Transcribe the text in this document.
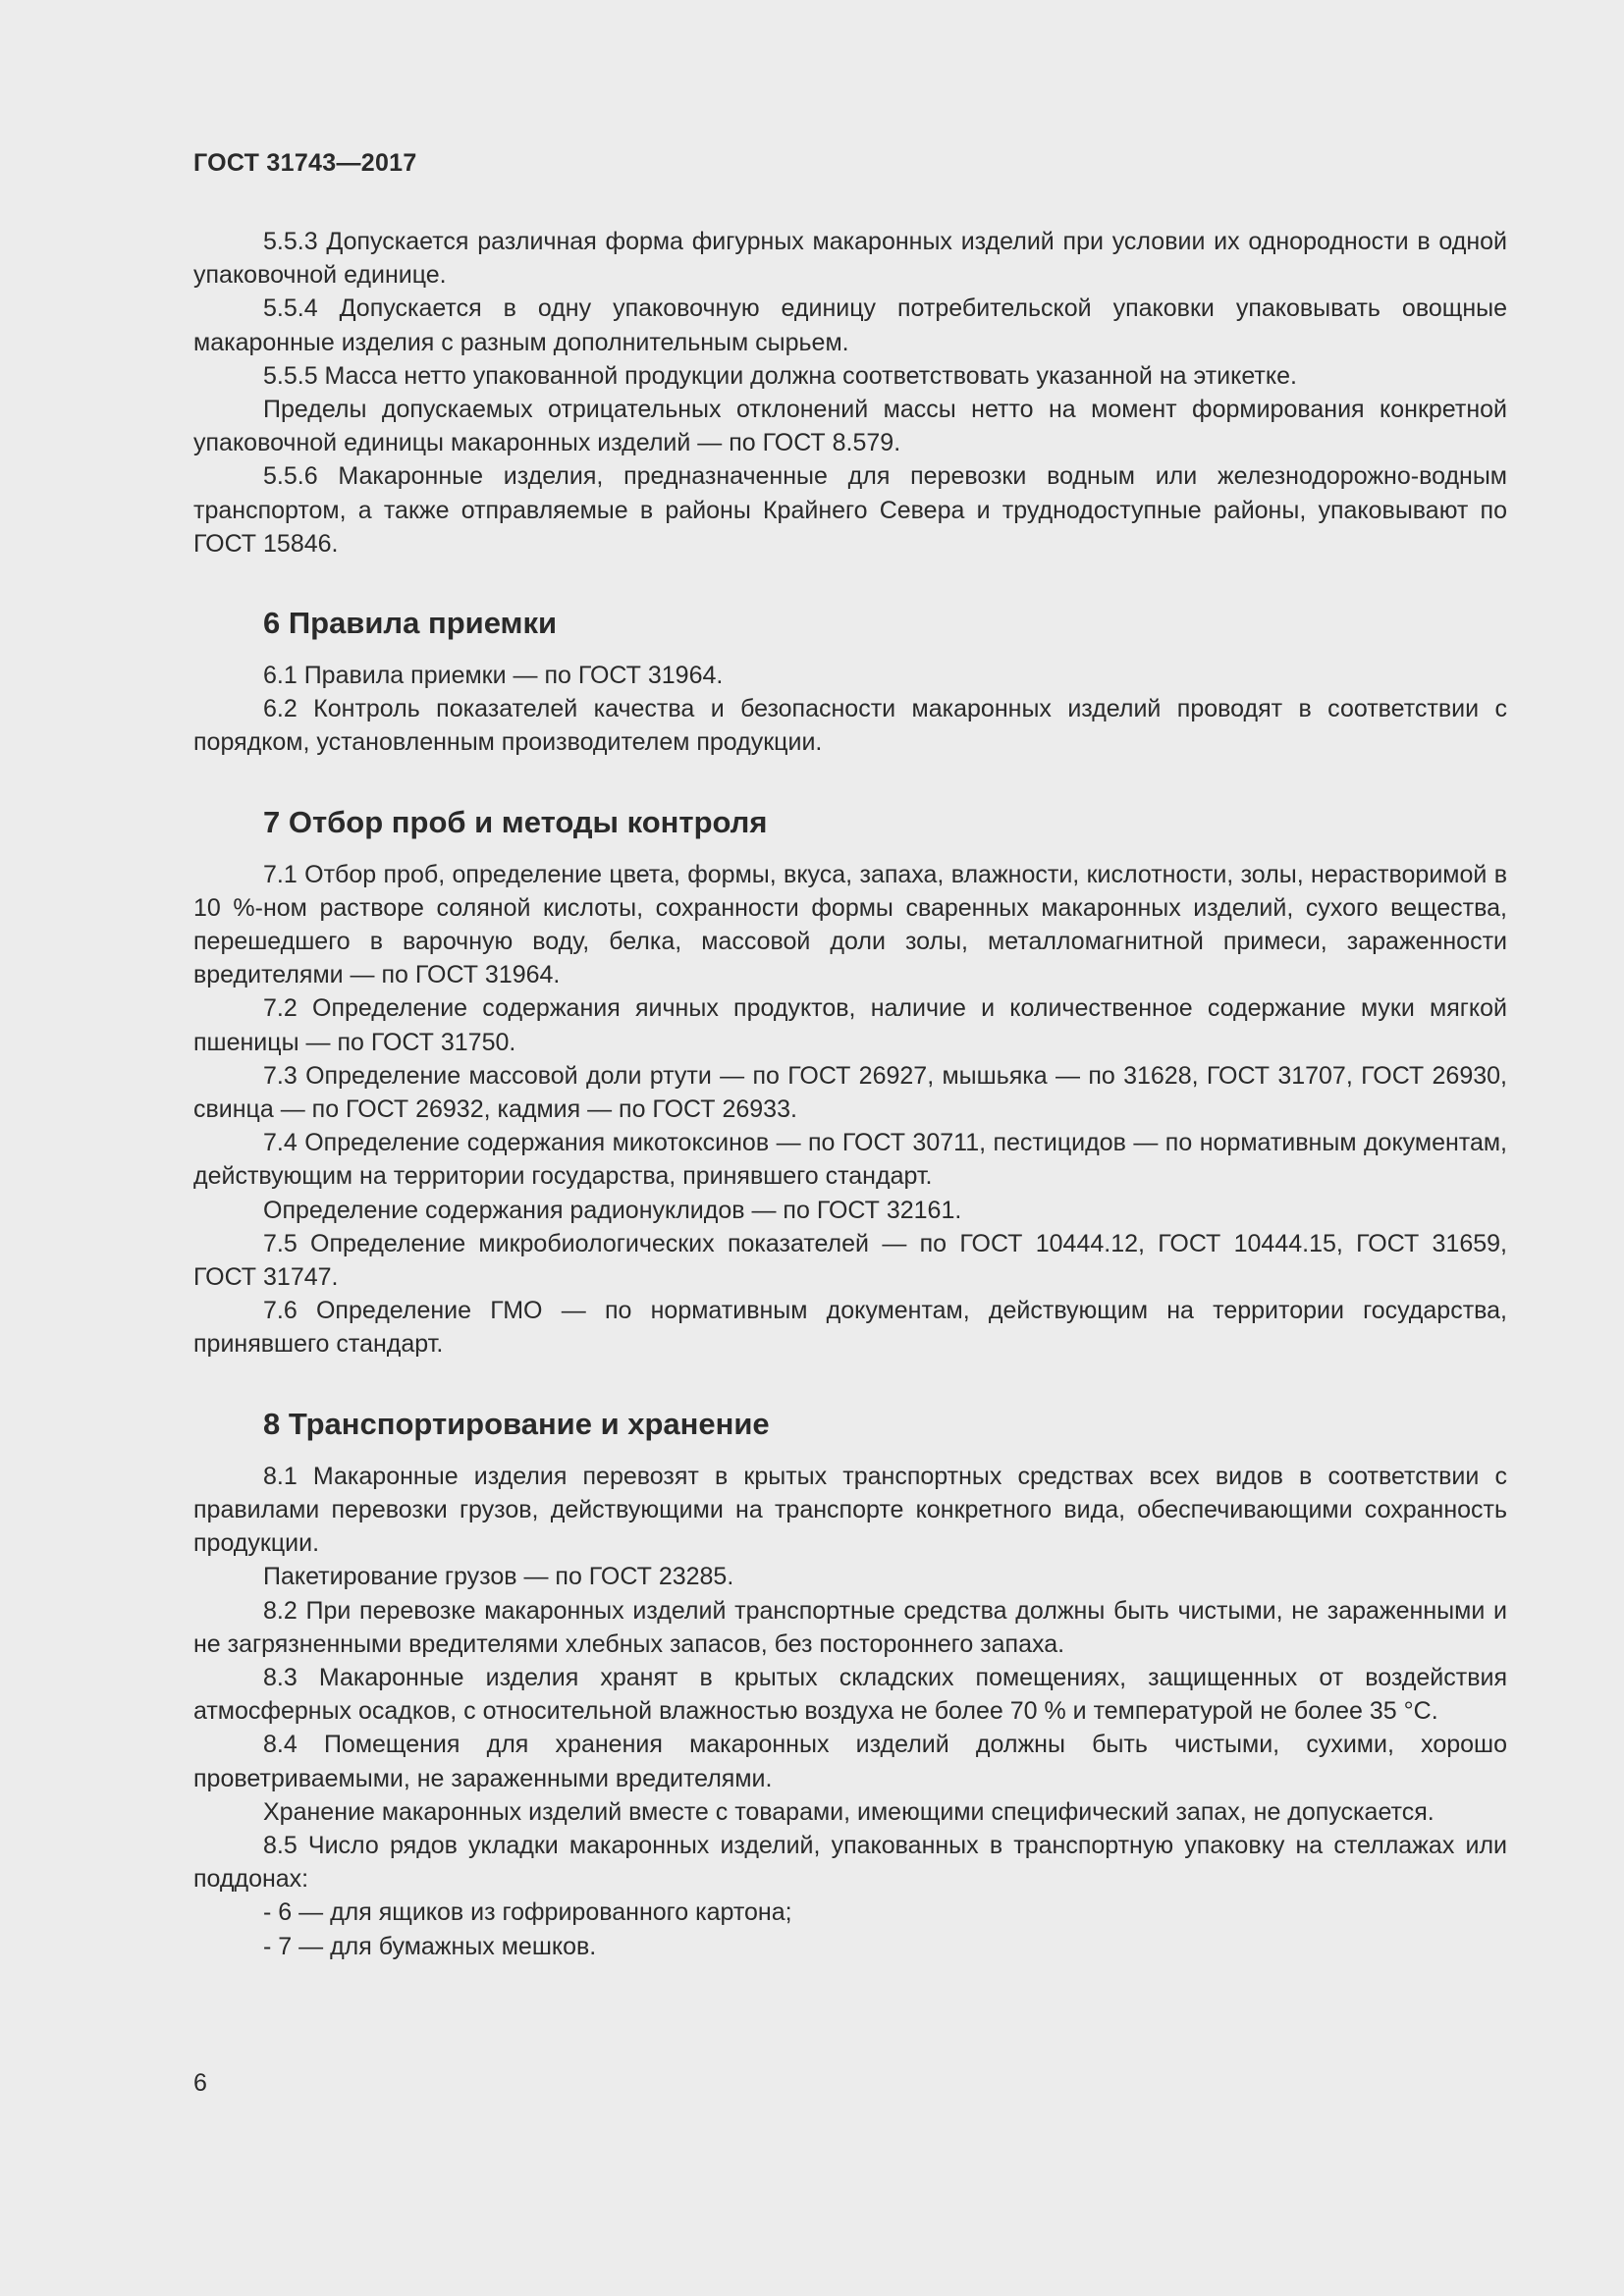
ГОСТ 31743—2017

5.5.3 Допускается различная форма фигурных макаронных изделий при условии их однородности в одной упаковочной единице.

5.5.4 Допускается в одну упаковочную единицу потребительской упаковки упаковывать овощные макаронные изделия с разным дополнительным сырьем.

5.5.5 Масса нетто упакованной продукции должна соответствовать указанной на этикетке.

Пределы допускаемых отрицательных отклонений массы нетто на момент формирования конкретной упаковочной единицы макаронных изделий — по ГОСТ 8.579.

5.5.6 Макаронные изделия, предназначенные для перевозки водным или железнодорожно-водным транспортом, а также отправляемые в районы Крайнего Севера и труднодоступные районы, упаковывают по ГОСТ 15846.

6 Правила приемки

6.1 Правила приемки — по ГОСТ 31964.

6.2 Контроль показателей качества и безопасности макаронных изделий проводят в соответствии с порядком, установленным производителем продукции.

7 Отбор проб и методы контроля

7.1 Отбор проб, определение цвета, формы, вкуса, запаха, влажности, кислотности, золы, нерастворимой в 10 %-ном растворе соляной кислоты, сохранности формы сваренных макаронных изделий, сухого вещества, перешедшего в варочную воду, белка, массовой доли золы, металломагнитной примеси, зараженности вредителями — по ГОСТ 31964.

7.2 Определение содержания яичных продуктов, наличие и количественное содержание муки мягкой пшеницы — по ГОСТ 31750.

7.3 Определение массовой доли ртути — по ГОСТ 26927, мышьяка — по 31628, ГОСТ 31707, ГОСТ 26930, свинца — по ГОСТ 26932, кадмия — по ГОСТ 26933.

7.4 Определение содержания микотоксинов — по ГОСТ 30711, пестицидов — по нормативным документам, действующим на территории государства, принявшего стандарт.

Определение содержания радионуклидов — по ГОСТ 32161.

7.5 Определение микробиологических показателей — по ГОСТ 10444.12, ГОСТ 10444.15, ГОСТ 31659, ГОСТ 31747.

7.6 Определение ГМО — по нормативным документам, действующим на территории государства, принявшего стандарт.

8 Транспортирование и хранение

8.1 Макаронные изделия перевозят в крытых транспортных средствах всех видов в соответствии с правилами перевозки грузов, действующими на транспорте конкретного вида, обеспечивающими сохранность продукции.

Пакетирование грузов — по ГОСТ 23285.

8.2 При перевозке макаронных изделий транспортные средства должны быть чистыми, не зараженными и не загрязненными вредителями хлебных запасов, без постороннего запаха.

8.3 Макаронные изделия хранят в крытых складских помещениях, защищенных от воздействия атмосферных осадков, с относительной влажностью воздуха не более 70 % и температурой не более 35 °С.

8.4 Помещения для хранения макаронных изделий должны быть чистыми, сухими, хорошо проветриваемыми, не зараженными вредителями.

Хранение макаронных изделий вместе с товарами, имеющими специфический запах, не допускается.

8.5 Число рядов укладки макаронных изделий, упакованных в транспортную упаковку на стеллажах или поддонах:

- 6 — для ящиков из гофрированного картона;

- 7 — для бумажных мешков.

6
